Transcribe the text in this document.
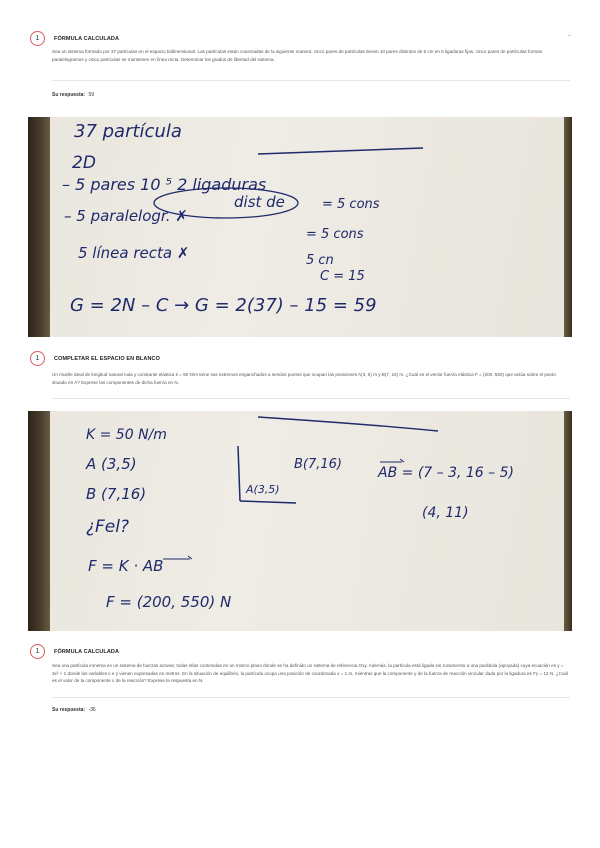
1	FÓRMULA CALCULADA	⌃
Sea un sistema formado por 37 partículas en el espacio bidimensional. Las partículas están conectadas de la siguiente manera: cinco pares de partículas tienen 10 pares distintos de 5 cm en 5 ligaduras fijas, cinco pares de partículas forman paralelogramos y cinco partículas se mantienen en línea recta. Determinar los grados de libertad del sistema.
Su respuesta: 59
37 partícula
2D
– 5 pares 10 ⁵ 2 ligaduras
dist de
– 5 paralelogr. ✗
5 línea recta ✗
= 5 cons
= 5 cons
5 cn
C = 15
G = 2N – C → G = 2(37) – 15 = 59
1	COMPLETAR EL ESPACIO EN BLANCO
Un muelle ideal de longitud natural nula y constante elástica k = 50 N/m tiene sus extremos enganchados a sendos puntos que ocupan las posiciones A(3, 5) m y B(7, 16) m. ¿Cuál es el vector fuerza elástica F = (200, 550) que actúa sobre el punto situado en A? Exprese las componentes de dicha fuerza en N.
K = 50 N/m
A (3,5)
B (7,16)
¿Fel?
F = K · AB
F = (200, 550) N
A(3,5)
B(7,16)
AB = (7 – 3, 16 – 5)
(4, 11)
1	FÓRMULA CALCULADA
Sea una partícula inmersa en un sistema de fuerzas activas; todas ellas contenidas en un mismo plano donde se ha definido un sistema de referencia Oxy. Además, la partícula está ligada sin rozamiento a una parábola (apoyada) cuya ecuación es y = 3x² + 1 donde las variables x e y vienen expresadas en metros. En la situación de equilibrio, la partícula ocupa una posición de coordenada x = 1 m, mientras que la componente y de la fuerza de reacción vincular dada por la ligadura es Fy = 12 N. ¿Cuál es el valor de la componente x de la reacción? Exprese la respuesta en N.
Su respuesta: -36
